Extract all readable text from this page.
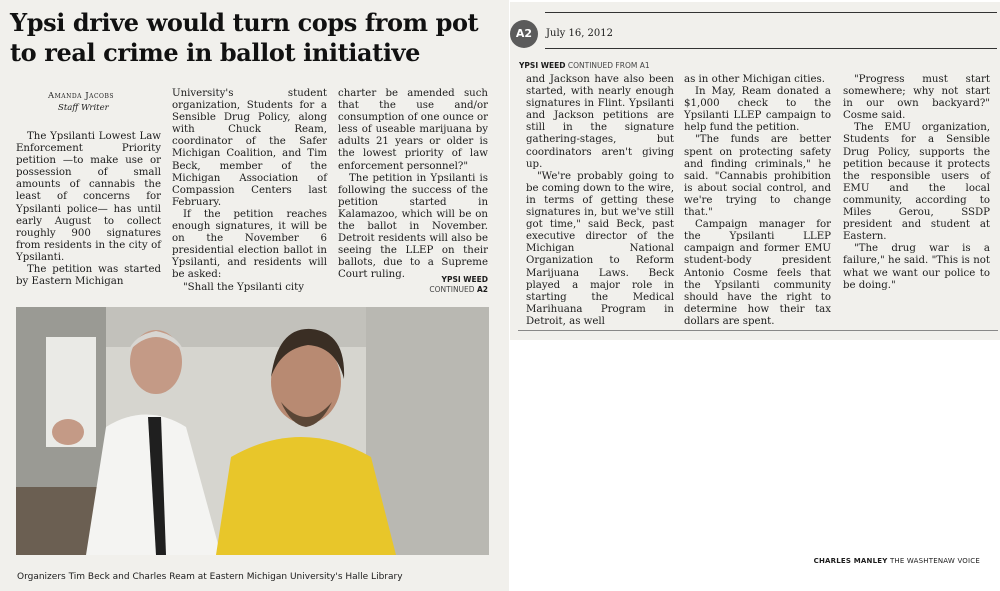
Ypsi drive would turn cops from pot to real crime in ballot initiative
Amanda Jacobs
Staff Writer

The Ypsilanti Lowest Law Enforcement Priority petition —to make use or possession of small amounts of cannabis the least of concerns for Ypsilanti police— has until early August to collect roughly 900 signatures from residents in the city of Ypsilanti.

The petition was started by Eastern Michigan

University's student organization, Students for a Sensible Drug Policy, along with Chuck Ream, coordinator of the Safer Michigan Coalition, and Tim Beck, member of the Michigan Association of Compassion Centers last February.

If the petition reaches enough signatures, it will be on the November 6 presidential election ballot in Ypsilanti, and residents will be asked:

"Shall the Ypsilanti city

charter be amended such that the use and/or consumption of one ounce or less of useable marijuana by adults 21 years or older is the lowest priority of law enforcement personnel?"

The petition in Ypsilanti is following the success of the petition started in Kalamazoo, which will be on the ballot in November. Detroit residents will also be seeing the LLEP on their ballots, due to a Supreme Court ruling.	YPSI WEED
CONTINUED A2
CHARLES MANLEY THE WASHTENAW VOICE
Organizers Tim Beck and Charles Ream at Eastern Michigan University's Halle Library
A2	July 16, 2012
YPSI WEED CONTINUED FROM A1

and Jackson have also been started, with nearly enough signatures in Flint. Ypsilanti and Jackson petitions are still in the signature gathering-stages, but coordinators aren't giving up.

"We're probably going to be coming down to the wire, in terms of getting these signatures in, but we've still got time," said Beck, past executive director of the Michigan National Organization to Reform Marijuana Laws. Beck played a major role in starting the Medical Marihuana Program in Detroit, as well

as in other Michigan cities.

In May, Ream donated a $1,000 check to the Ypsilanti LLEP campaign to help fund the petition.

"The funds are better spent on protecting safety and finding criminals," he said. "Cannabis prohibition is about social control, and we're trying to change that."

Campaign manager for the Ypsilanti LLEP campaign and former EMU student-body president Antonio Cosme feels that the Ypsilanti community should have the right to determine how their tax dollars are spent.

"Progress must start somewhere; why not start in our own backyard?" Cosme said.

The EMU organization, Students for a Sensible Drug Policy, supports the petition because it protects the responsible users of EMU and the local community, according to Miles Gerou, SSDP president and student at Eastern.

"The drug war is a failure," he said. "This is not what we want our police to be doing."
